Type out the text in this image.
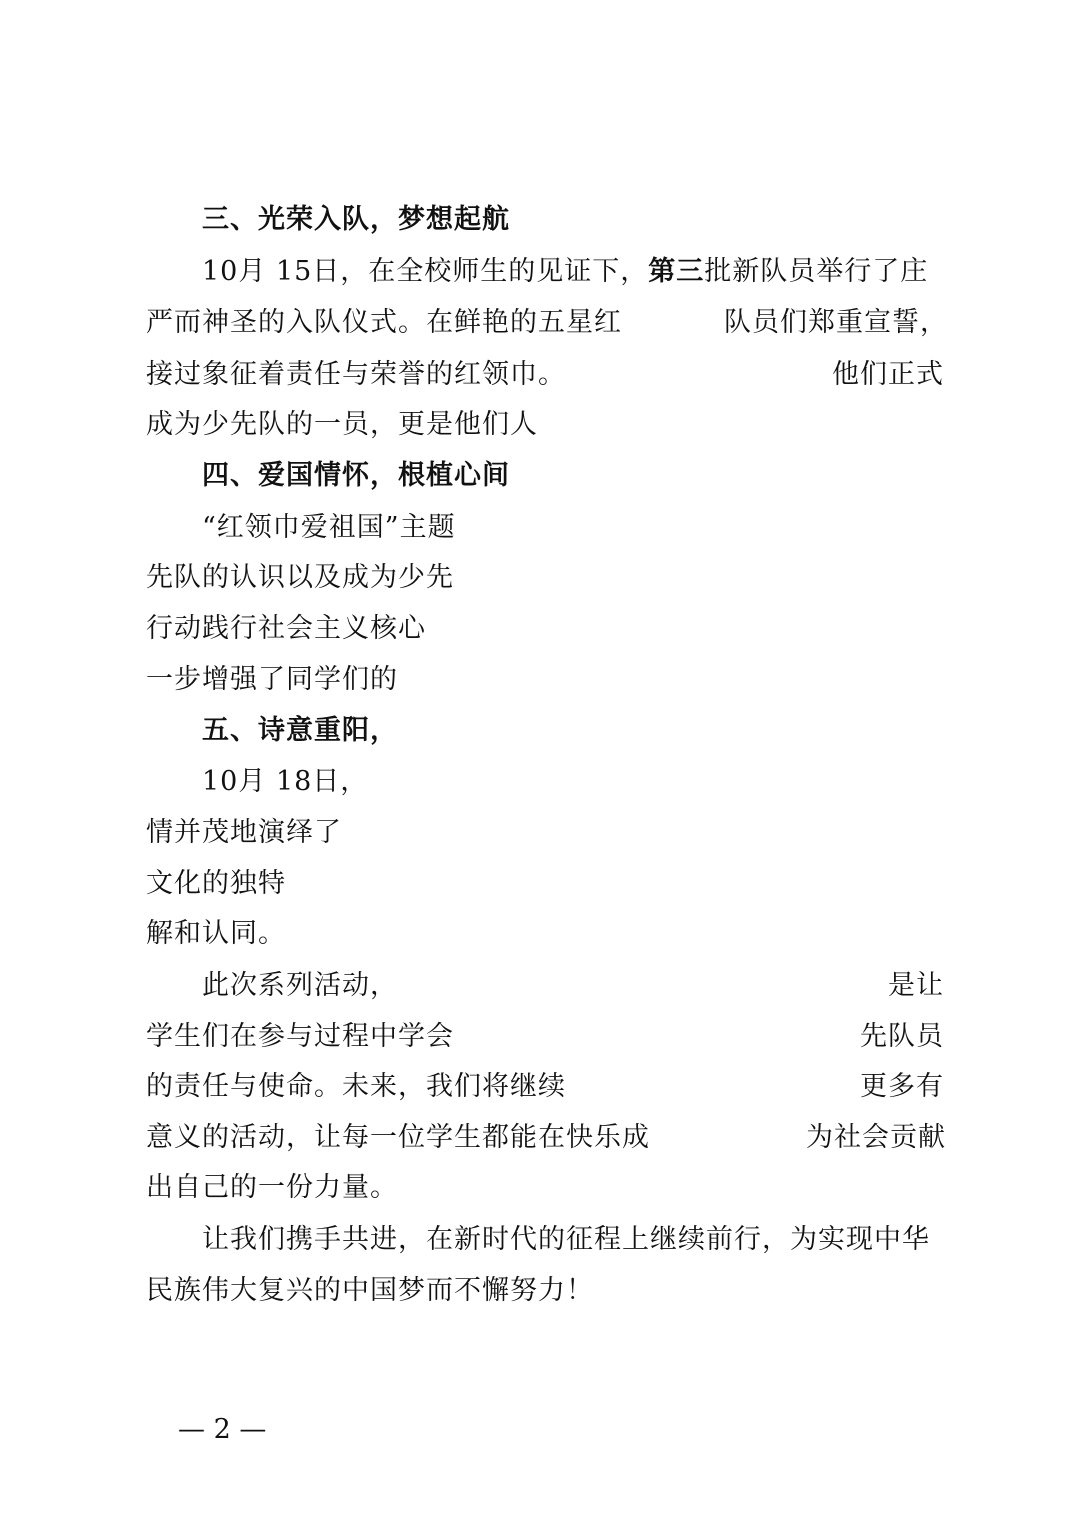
三、光荣入队，梦想起航
10月 15日，在全校师生的见证下，第三批新队员举行了庄
严而神圣的入队仪式。在鲜艳的五星红	队员们郑重宣誓，
接过象征着责任与荣誉的红领巾。	他们正式
成为少先队的一员，更是他们人
四、爱国情怀，根植心间
“红领巾爱祖国”主题
先队的认识以及成为少先
行动践行社会主义核心
一步增强了同学们的
五、诗意重阳，
10月 18日，
情并茂地演绎了
文化的独特
解和认同。
此次系列活动，	是让
学生们在参与过程中学会	先队员
的责任与使命。未来，我们将继续	更多有
意义的活动，让每一位学生都能在快乐成	为社会贡献
出自己的一份力量。
让我们携手共进，在新时代的征程上继续前行，为实现中华
民族伟大复兴的中国梦而不懈努力！
— 2 —
